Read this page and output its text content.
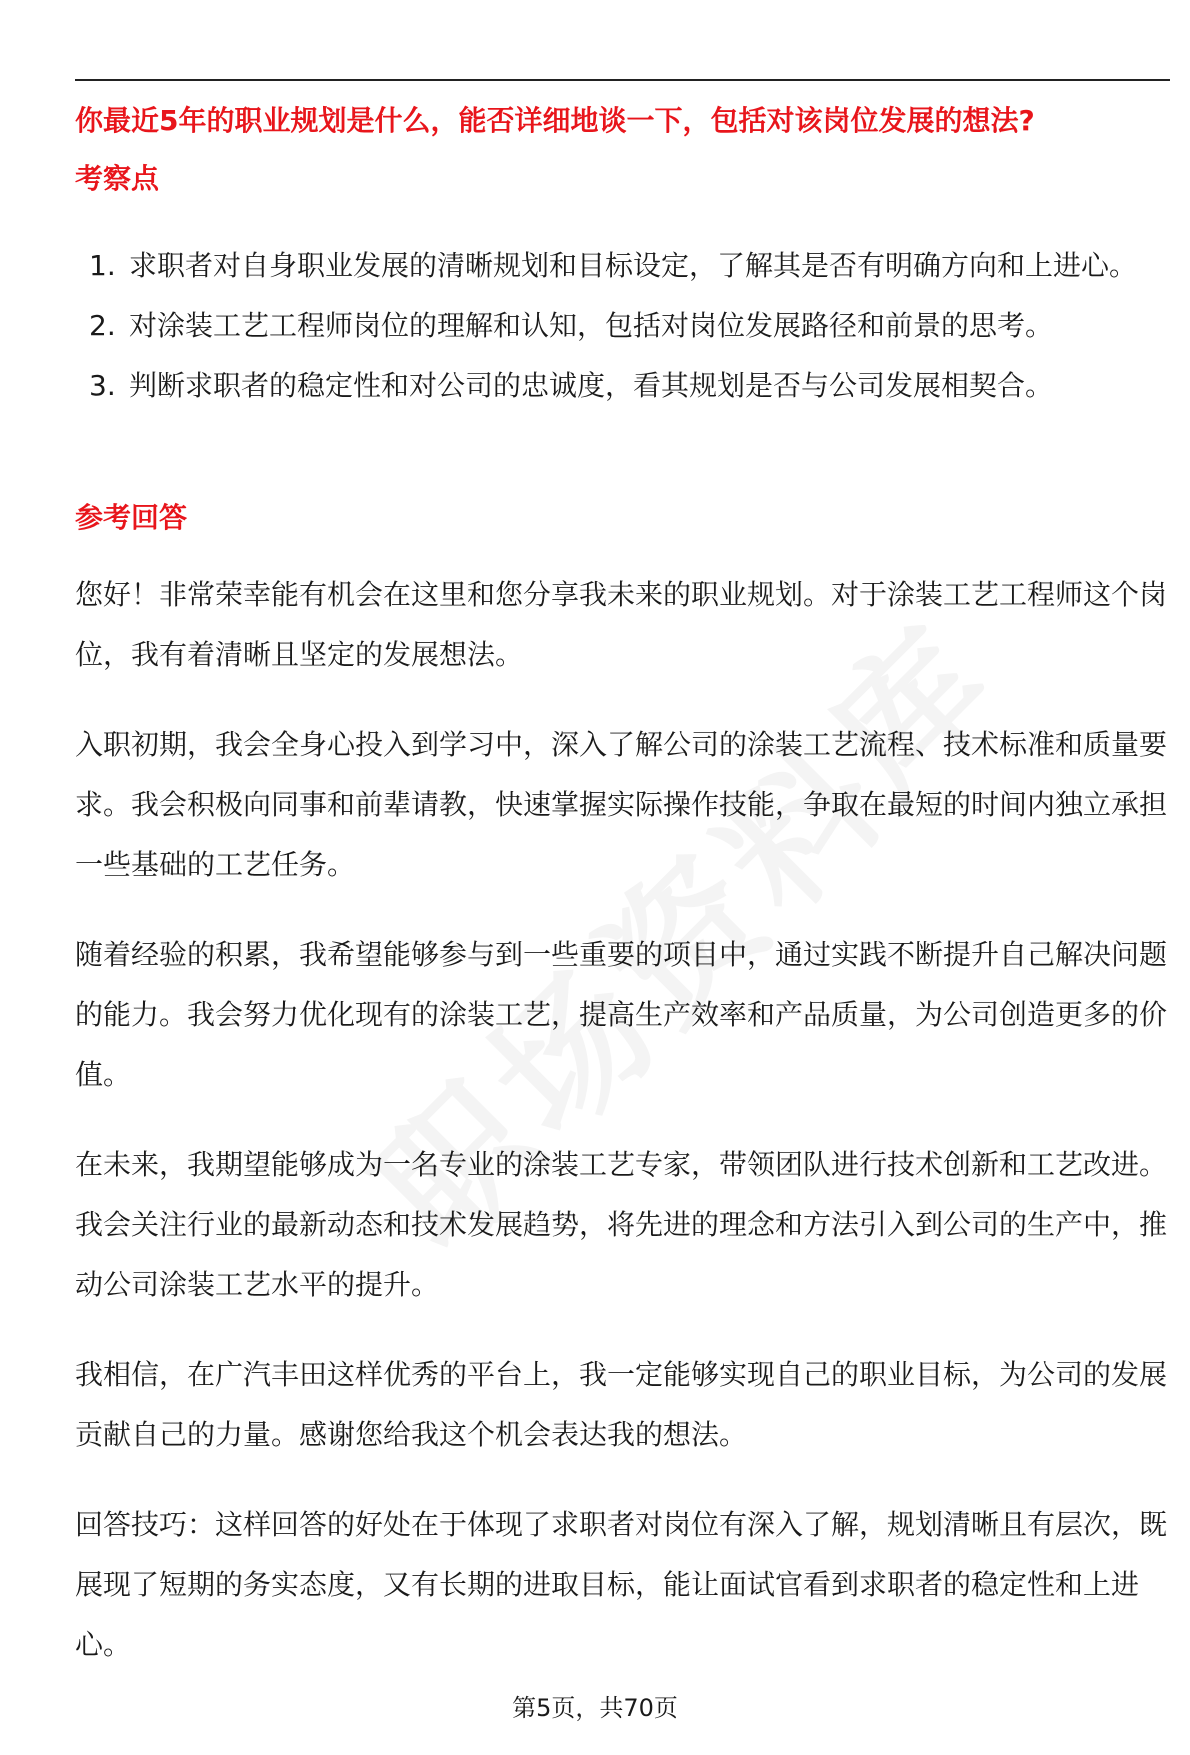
你最近5年的职业规划是什么，能否详细地谈一下，包括对该岗位发展的想法?
考察点
1. 求职者对自身职业发展的清晰规划和目标设定，了解其是否有明确方向和上进心。
2. 对涂装工艺工程师岗位的理解和认知，包括对岗位发展路径和前景的思考。
3. 判断求职者的稳定性和对公司的忠诚度，看其规划是否与公司发展相契合。
参考回答

您好！非常荣幸能有机会在这里和您分享我未来的职业规划。对于涂装工艺工程师这个岗位，我有着清晰且坚定的发展想法。

入职初期，我会全身心投入到学习中，深入了解公司的涂装工艺流程、技术标准和质量要求。我会积极向同事和前辈请教，快速掌握实际操作技能，争取在最短的时间内独立承担一些基础的工艺任务。

随着经验的积累，我希望能够参与到一些重要的项目中，通过实践不断提升自己解决问题的能力。我会努力优化现有的涂装工艺，提高生产效率和产品质量，为公司创造更多的价值。

在未来，我期望能够成为一名专业的涂装工艺专家，带领团队进行技术创新和工艺改进。我会关注行业的最新动态和技术发展趋势，将先进的理念和方法引入到公司的生产中，推动公司涂装工艺水平的提升。

我相信，在广汽丰田这样优秀的平台上，我一定能够实现自己的职业目标，为公司的发展贡献自己的力量。感谢您给我这个机会表达我的想法。

回答技巧：这样回答的好处在于体现了求职者对岗位有深入了解，规划清晰且有层次，既展现了短期的务实态度，又有长期的进取目标，能让面试官看到求职者的稳定性和上进心。

第5页，共70页
